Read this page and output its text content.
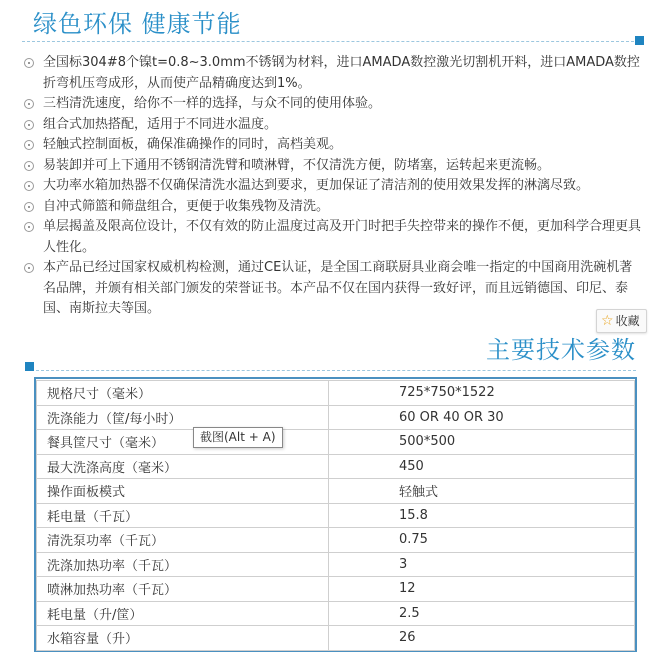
绿色环保 健康节能
全国标304#8个镍t=0.8~3.0mm不锈钢为材料，进口AMADA数控激光切割机开料，进口AMADA数控折弯机压弯成形，从而使产品精确度达到1%。
三档清洗速度，给你不一样的选择，与众不同的使用体验。
组合式加热搭配，适用于不同进水温度。
轻触式控制面板，确保准确操作的同时，高档美观。
易装卸并可上下通用不锈钢清洗臂和喷淋臂，不仅清洗方便，防堵塞，运转起来更流畅。
大功率水箱加热器不仅确保清洗水温达到要求，更加保证了清洁剂的使用效果发挥的淋漓尽致。
自冲式筛篮和筛盘组合，更便于收集残物及清洗。
单层揭盖及限高位设计，不仅有效的防止温度过高及开门时把手失控带来的操作不便，更加科学合理更具人性化。
本产品已经过国家权威机构检测，通过CE认证，是全国工商联厨具业商会唯一指定的中国商用洗碗机著名品牌，并颁有相关部门颁发的荣誉证书。本产品不仅在国内获得一致好评，而且远销德国、印尼、泰国、南斯拉夫等国。
☆ 收藏
主要技术参数
规格尺寸（毫米）	725*750*1522
洗涤能力（筐/每小时）	60 OR 40 OR 30
餐具筐尺寸（毫米）	500*500
最大洗涤高度（毫米）	450
操作面板模式	轻触式
耗电量（千瓦）	15.8
清洗泵功率（千瓦）	0.75
洗涤加热功率（千瓦）	3
喷淋加热功率（千瓦）	12
耗电量（升/筐）	2.5
水箱容量（升）	26
截图(Alt + A)
